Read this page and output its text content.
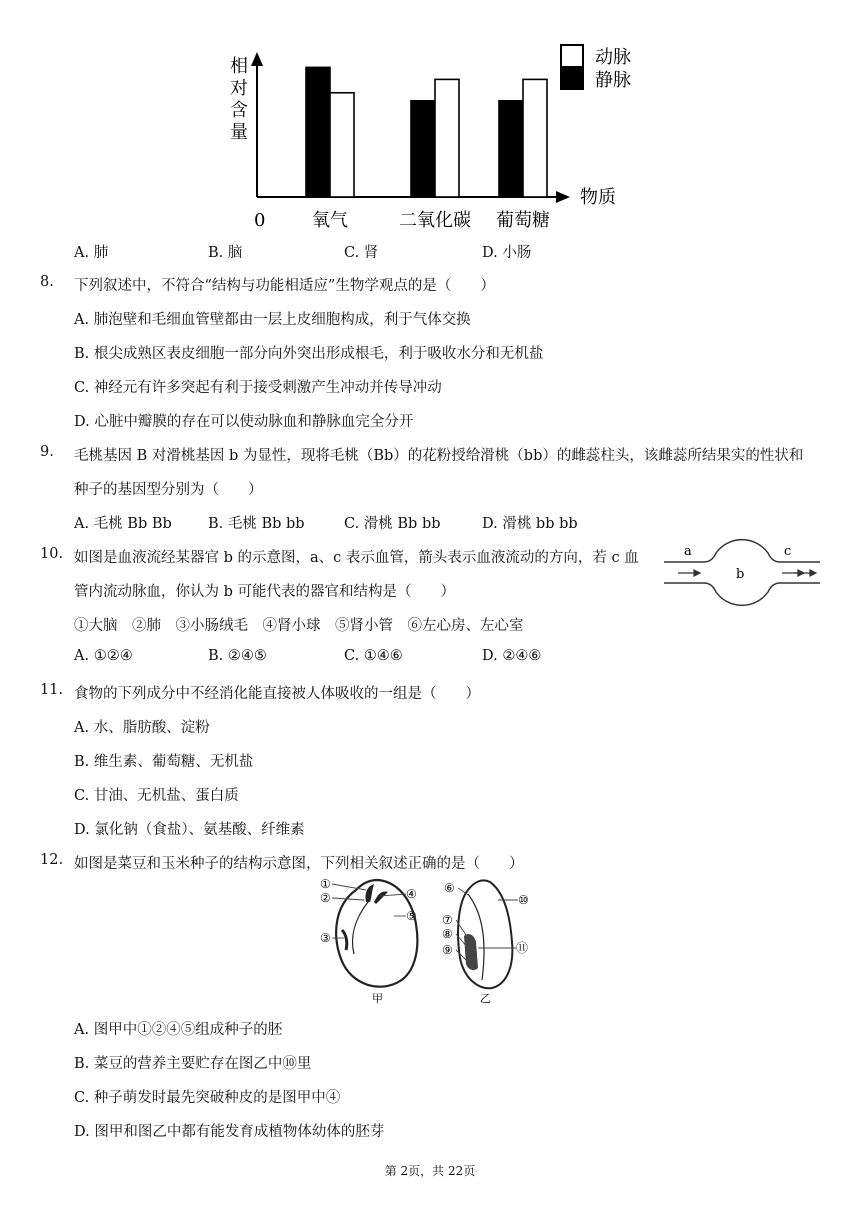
相
对
含
量
0
物质
氧气	二氧化碳 葡萄糖
动脉
静脉
A. 肺	B. 脑	C. 肾	D. 小肠
8. 下列叙述中，不符合“结构与功能相适应”生物学观点的是（　　）
A. 肺泡壁和毛细血管壁都由一层上皮细胞构成，利于气体交换
B. 根尖成熟区表皮细胞一部分向外突出形成根毛，利于吸收水分和无机盐
C. 神经元有许多突起有利于接受刺激产生冲动并传导冲动
D. 心脏中瓣膜的存在可以使动脉血和静脉血完全分开
9. 毛桃基因 B 对滑桃基因 b 为显性，现将毛桃（Bb）的花粉授给滑桃（bb）的雌蕊柱头，该雌蕊所结果实的性状和
种子的基因型分别为（　　）
A. 毛桃 Bb Bb B. 毛桃 Bb bb	C. 滑桃 Bb bb	D. 滑桃 bb bb
10. 如图是血液流经某器官 b 的示意图，a、c 表示血管，箭头表示血液流动的方向，若 c 血
管内流动脉血，你认为 b 可能代表的器官和结构是（　　）
①大脑　②肺　③小肠绒毛　④肾小球　⑤肾小管　⑥左心房、左心室
A. ①②④	B. ②④⑤	C. ①④⑥	D. ②④⑥
a	c
b
11. 食物的下列成分中不经消化能直接被人体吸收的一组是（　　）
A. 水、脂肪酸、淀粉
B. 维生素、葡萄糖、无机盐
C. 甘油、无机盐、蛋白质
D. 氯化钠（食盐）、氨基酸、纤维素
12. 如图是菜豆和玉米种子的结构示意图，下列相关叙述正确的是（　　）
①
②
③
④
⑤
甲
⑥
⑦
⑧
⑨
⑩
⑪
乙
A. 图甲中①②④⑤组成种子的胚
B. 菜豆的营养主要贮存在图乙中⑩里
C. 种子萌发时最先突破种皮的是图甲中④
D. 图甲和图乙中都有能发育成植物体幼体的胚芽
第 2页，共 22页
